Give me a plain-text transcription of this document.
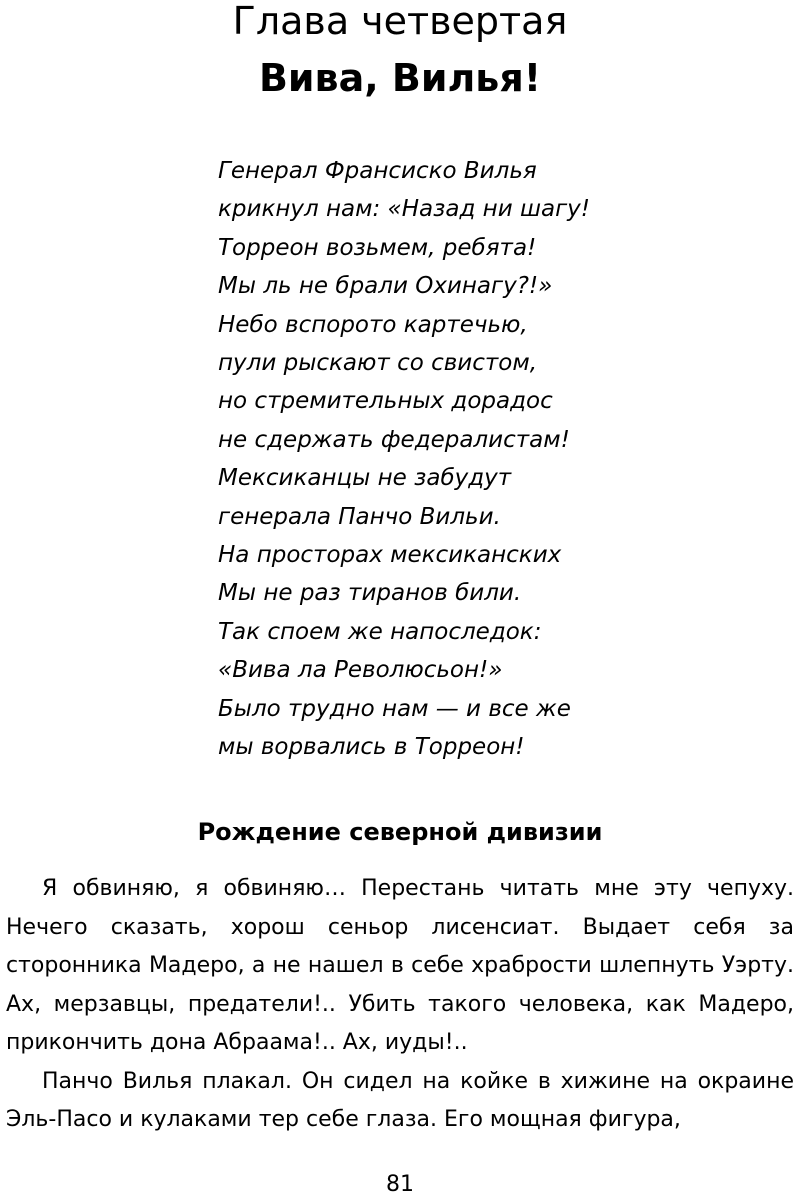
Глава четвертая
Вива, Вилья!
Генерал Франсиско Вилья
крикнул нам: «Назад ни шагу!
Торреон возьмем, ребята!
Мы ль не брали Охинагу?!»
Небо вспорото картечью,
пули рыскают со свистом,
но стремительных дорадос
не сдержать федералистам!
Мексиканцы не забудут
генерала Панчо Вильи.
На просторах мексиканских
Мы не раз тиранов били.
Так споем же напоследок:
«Вива ла Революсьон!»
Было трудно нам — и все же
мы ворвались в Торреон!
Рождение северной дивизии

Я обвиняю, я обвиняю… Перестань читать мне эту чепуху. Нечего сказать, хорош сеньор лисенсиат. Выдает себя за сторонника Мадеро, а не нашел в себе храбрости шлепнуть Уэрту. Ах, мерзавцы, предатели!.. Убить такого человека, как Мадеро, прикончить дона Абраама!.. Ах, иуды!..

Панчо Вилья плакал. Он сидел на койке в хижине на окраине Эль-Пасо и кулаками тер себе глаза. Его мощная фигура,

81
